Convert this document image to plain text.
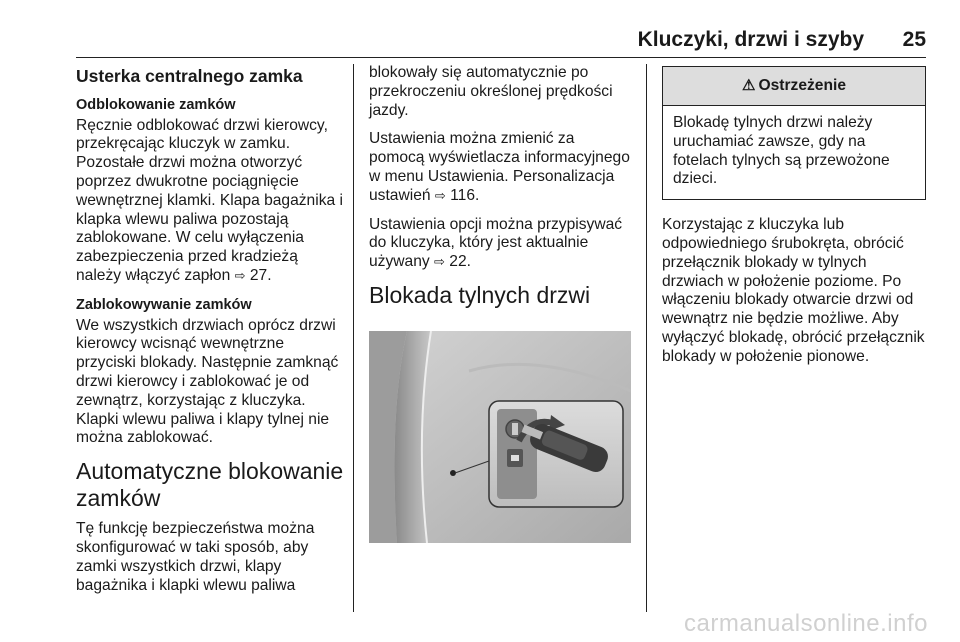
Kluczyki, drzwi i szyby 25
Usterka centralnego zamka
Odblokowanie zamków

Ręcznie odblokować drzwi kierowcy, przekręcając kluczyk w zamku. Pozostałe drzwi można otworzyć poprzez dwukrotne pociągnięcie wewnętrznej klamki. Klapa bagażnika i klapka wlewu paliwa pozostają zablokowane. W celu wyłączenia zabezpieczenia przed kradzieżą należy włączyć zapłon ⇨ 27.

Zablokowywanie zamków

We wszystkich drzwiach oprócz drzwi kierowcy wcisnąć wewnętrzne przyciski blokady. Następnie zamknąć drzwi kierowcy i zablokować je od zewnątrz, korzystając z kluczyka. Klapki wlewu paliwa i klapy tylnej nie można zablokować.

Automatyczne blokowanie zamków

Tę funkcję bezpieczeństwa można skonfigurować w taki sposób, aby zamki wszystkich drzwi, klapy bagażnika i klapki wlewu paliwa

blokowały się automatycznie po przekroczeniu określonej prędkości jazdy.

Ustawienia można zmienić za pomocą wyświetlacza informacyjnego w menu Ustawienia. Personalizacja ustawień ⇨ 116.

Ustawienia opcji można przypisywać do kluczyka, który jest aktualnie używany ⇨ 22.

Blokada tylnych drzwi
⚠ Ostrzeżenie
Blokadę tylnych drzwi należy uruchamiać zawsze, gdy na fotelach tylnych są przewożone dzieci.

Korzystając z kluczyka lub odpowiedniego śrubokręta, obrócić przełącznik blokady w tylnych drzwiach w położenie poziome. Po włączeniu blokady otwarcie drzwi od wewnątrz nie będzie możliwe. Aby wyłączyć blokadę, obrócić przełącznik blokady w położenie pionowe.

carmanualsonline.info
